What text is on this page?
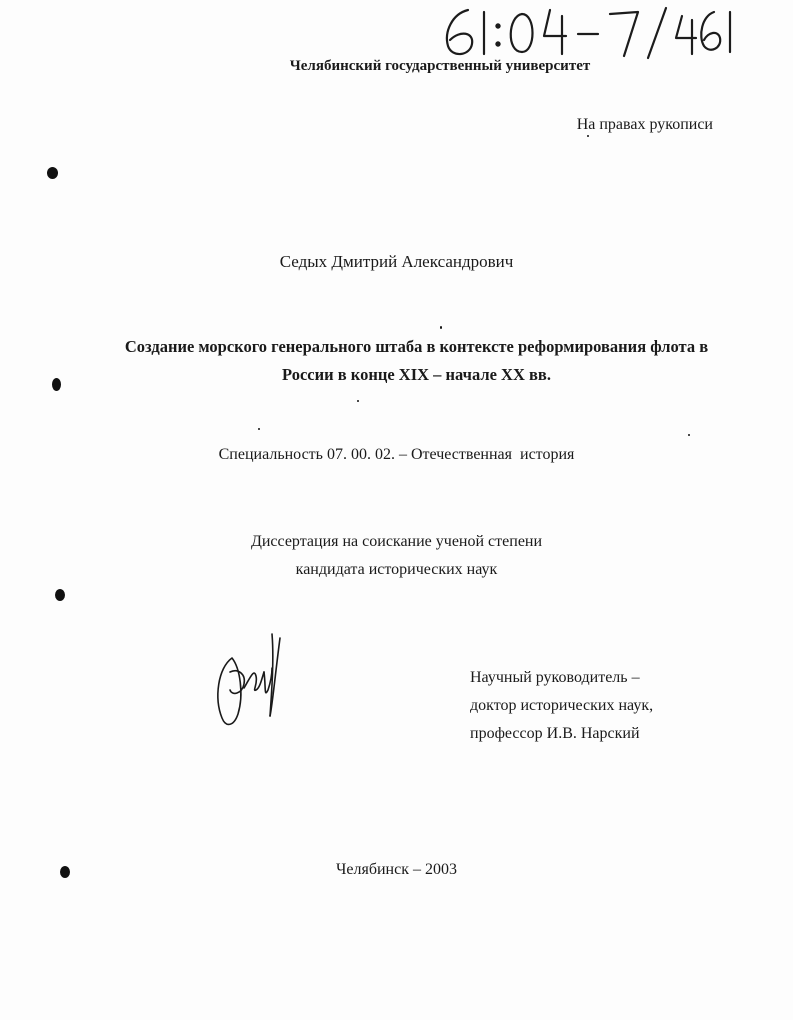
Челябинский государственный университет
На правах рукописи
Седых Дмитрий Александрович
Создание морского генерального штаба в контексте реформирования флота в
России в конце XIX – начале XX вв.
Специальность 07. 00. 02. – Отечественная  история
Диссертация на соискание ученой степени
кандидата исторических наук
Научный руководитель –
доктор исторических наук,
профессор И.В. Нарский
Челябинск – 2003
